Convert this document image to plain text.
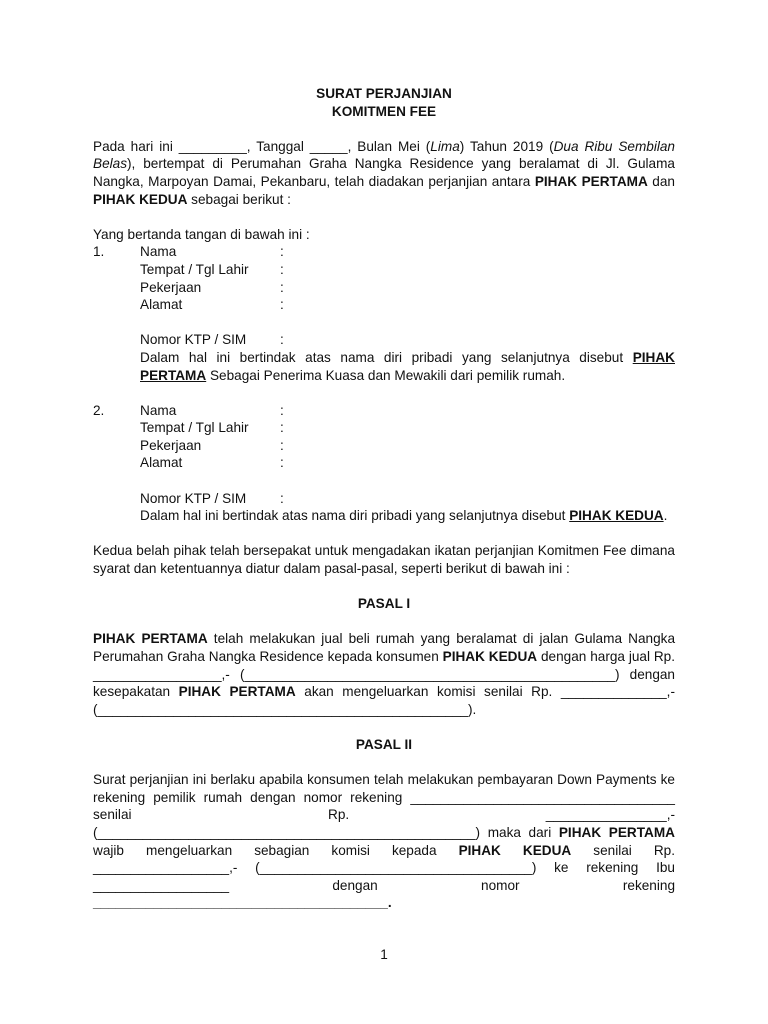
SURAT PERJANJIAN
KOMITMEN FEE
Pada hari ini _________, Tanggal _____, Bulan Mei (Lima) Tahun 2019 (Dua Ribu Sembilan Belas), bertempat di Perumahan Graha Nangka Residence yang beralamat di Jl. Gulama Nangka, Marpoyan Damai, Pekanbaru, telah diadakan perjanjian antara PIHAK PERTAMA dan PIHAK KEDUA sebagai berikut :
Yang bertanda tangan di bawah ini :
1.	Nama	:
Tempat / Tgl Lahir	:
Pekerjaan	:
Alamat	:
Nomor KTP / SIM	:
Dalam hal ini bertindak atas nama diri pribadi yang selanjutnya disebut PIHAK PERTAMA Sebagai Penerima Kuasa dan Mewakili dari pemilik rumah.
2.	Nama	:
Tempat / Tgl Lahir	:
Pekerjaan	:
Alamat	:
Nomor KTP / SIM	:
Dalam hal ini bertindak atas nama diri pribadi yang selanjutnya disebut PIHAK KEDUA.
Kedua belah pihak telah bersepakat untuk mengadakan ikatan perjanjian Komitmen Fee dimana syarat dan ketentuannya diatur dalam pasal-pasal, seperti berikut di bawah ini :
PASAL I
PIHAK PERTAMA telah melakukan jual beli rumah yang beralamat di jalan Gulama Nangka Perumahan Graha Nangka Residence kepada konsumen PIHAK KEDUA dengan harga jual Rp. _________________,- (_________________________________________________) dengan kesepakatan PIHAK PERTAMA akan mengeluarkan komisi senilai Rp. ______________,- (_________________________________________________).
PASAL II
Surat perjanjian ini berlaku apabila konsumen telah melakukan pembayaran Down Payments ke rekening pemilik rumah dengan nomor rekening ___________________________________ senilai Rp. ________________,- (__________________________________________________) maka dari PIHAK PERTAMA wajib mengeluarkan sebagian komisi kepada PIHAK KEDUA senilai Rp. __________________,- (____________________________________) ke rekening Ibu __________________ dengan nomor rekening _______________________________________.
1
